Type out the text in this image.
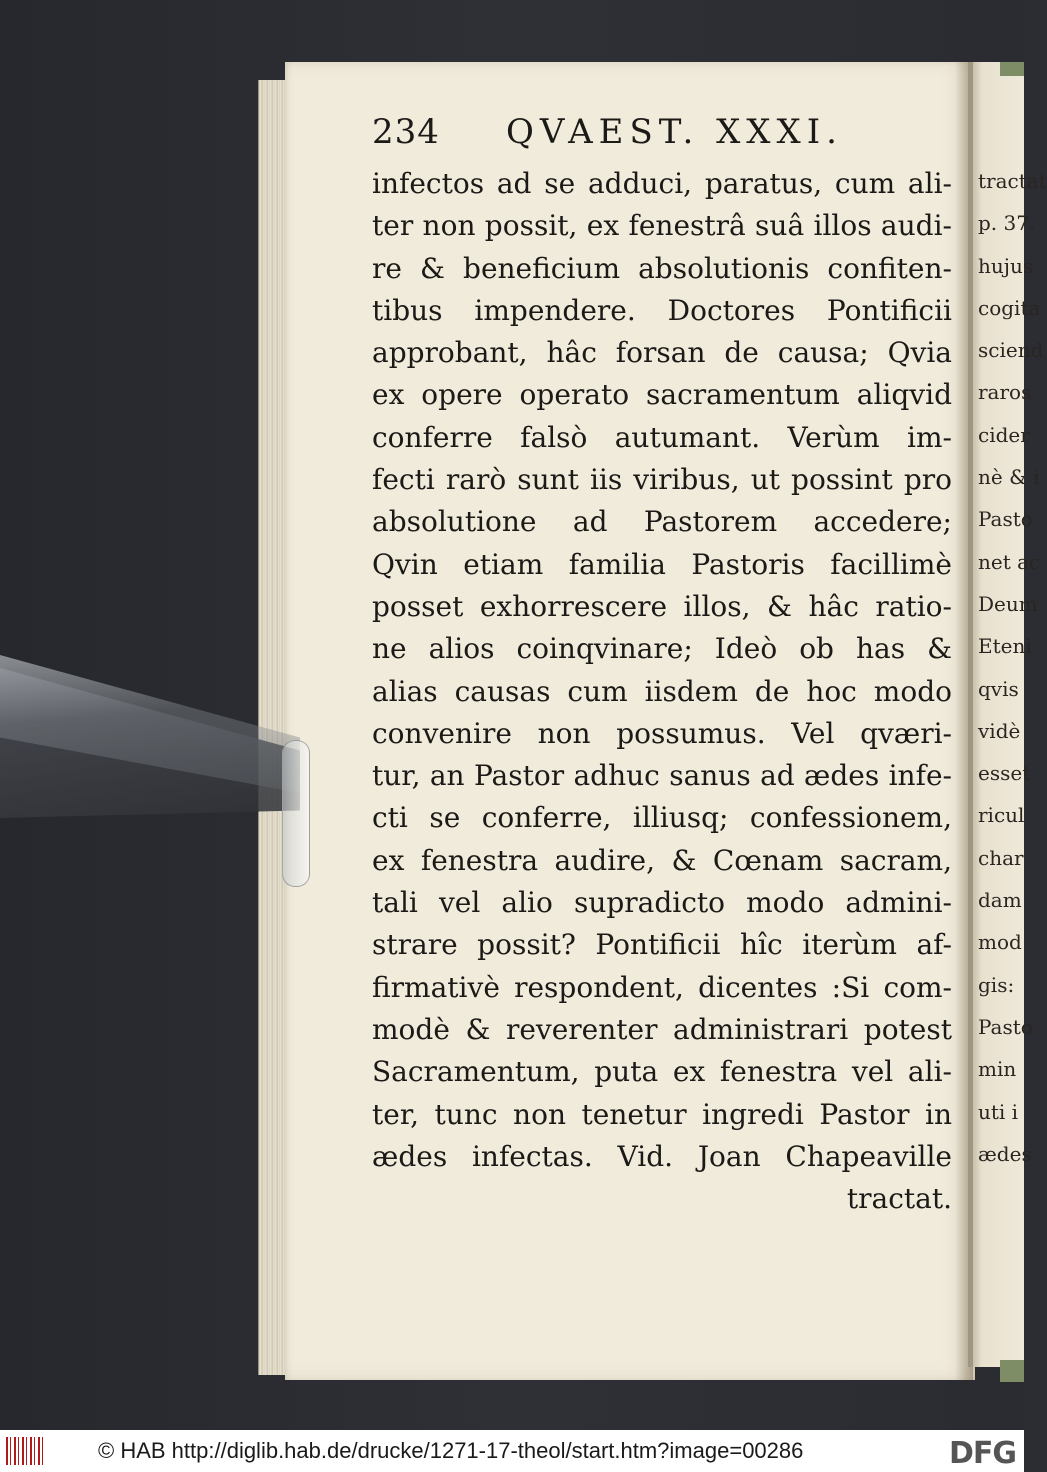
234 QVAEST. XXXI.
infectos ad se adduci, paratus, cum ali-
ter non possit, ex fenestrâ suâ illos audi-
re & beneficium absolutionis confiten-
tibus impendere. Doctores Pontificii
approbant, hâc forsan de causa; Qvia
ex opere operato sacramentum aliqvid
conferre falsò autumant. Verùm im-
fecti rarò sunt iis viribus, ut possint pro
absolutione ad Pastorem accedere;
Qvin etiam familia Pastoris facillimè
posset exhorrescere illos, & hâc ratio-
ne alios coinqvinare; Ideò ob has &
alias causas cum iisdem de hoc modo
convenire non possumus. Vel qværi-
tur, an Pastor adhuc sanus ad ædes infe-
cti se conferre, illiusq; confessionem,
ex fenestra audire, & Cœnam sacram,
tali vel alio supradicto modo admini-
strare possit? Pontificii hîc iterùm af-
firmativè respondent, dicentes :Si com-
modè & reverenter administrari potest
Sacramentum, puta ex fenestra vel ali-
ter, tunc non tenetur ingredi Pastor in
ædes infectas. Vid. Joan Chapeaville
tractat.
tractat
p. 37.
hujus
cogita
sciend
raros
cider
nè & i
Pasto
net ac
Deum
Eteni
qvis
vidè
esset
ricul
char
dam
mod
gis:
Pasto
min
uti i
ædes
© HAB http://diglib.hab.de/drucke/1271-17-theol/start.htm?image=00286	DFG
